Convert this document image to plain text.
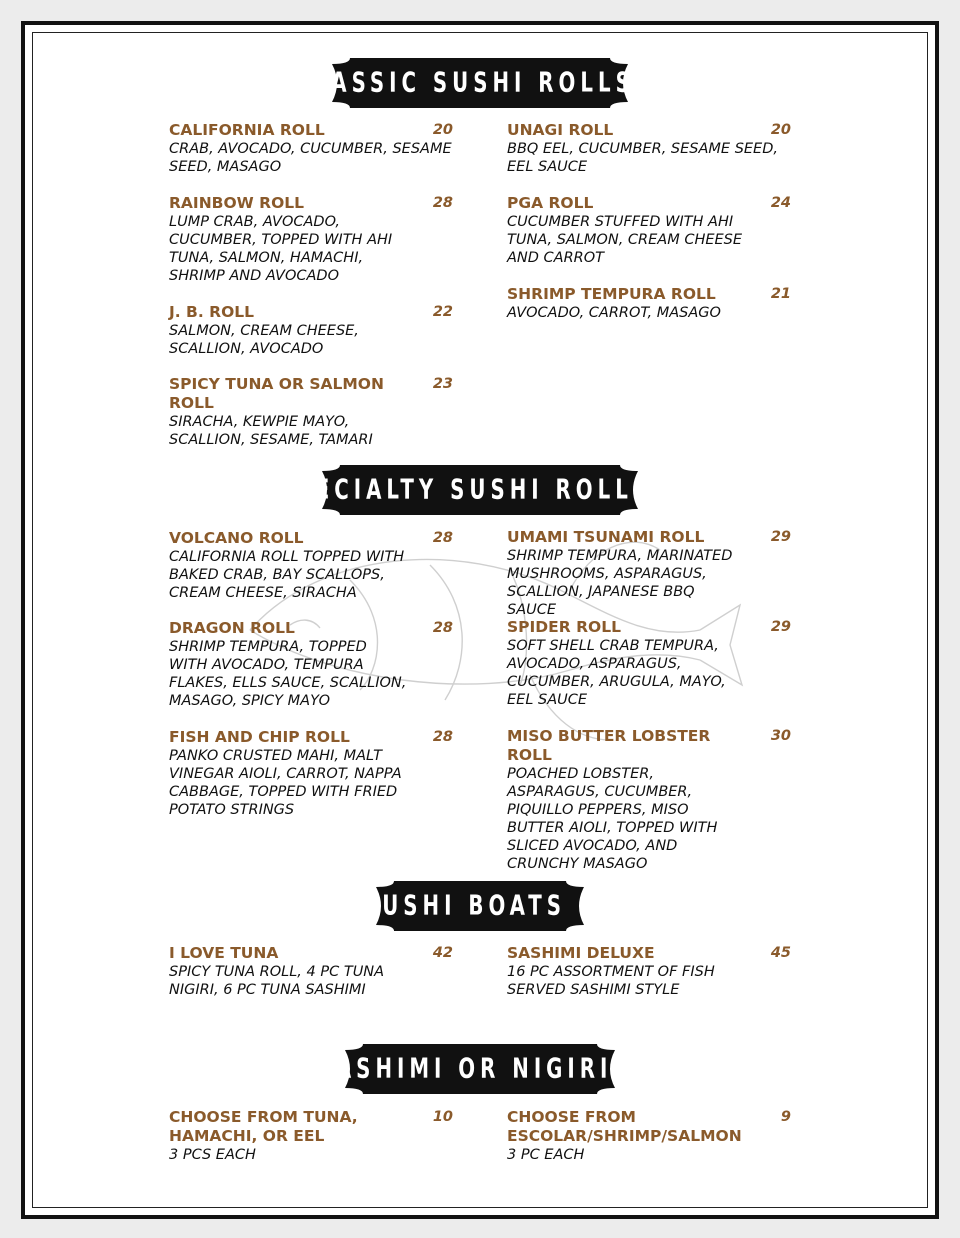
CLASSIC SUSHI ROLLS *
SPECIALTY SUSHI ROLLS *
SUSHI BOATS *
SASHIMI OR NIGIRI *
CALIFORNIA ROLL
CRAB, AVOCADO, CUCUMBER, SESAME SEED, MASAGO
20	UNAGI ROLL
BBQ EEL, CUCUMBER, SESAME SEED, EEL SAUCE
20
RAINBOW ROLL
LUMP CRAB, AVOCADO, CUCUMBER, TOPPED WITH AHI TUNA, SALMON, HAMACHI, SHRIMP AND AVOCADO
28	PGA ROLL
CUCUMBER STUFFED WITH AHI TUNA, SALMON, CREAM CHEESE AND CARROT
24
J. B. ROLL
SALMON, CREAM CHEESE, SCALLION, AVOCADO
22
SHRIMP TEMPURA ROLL
AVOCADO, CARROT, MASAGO
21
SPICY TUNA OR SALMON ROLL
SIRACHA, KEWPIE MAYO, SCALLION, SESAME, TAMARI
23
VOLCANO ROLL
CALIFORNIA ROLL TOPPED WITH BAKED CRAB, BAY SCALLOPS, CREAM CHEESE, SIRACHA
28	UMAMI TSUNAMI ROLL
SHRIMP TEMPURA, MARINATED MUSHROOMS, ASPARAGUS, SCALLION, JAPANESE BBQ SAUCE
29
DRAGON ROLL
SHRIMP TEMPURA, TOPPED WITH AVOCADO, TEMPURA FLAKES, ELLS SAUCE, SCALLION, MASAGO, SPICY MAYO
28	SPIDER ROLL
SOFT SHELL CRAB TEMPURA, AVOCADO, ASPARAGUS, CUCUMBER, ARUGULA, MAYO, EEL SAUCE
29
FISH AND CHIP ROLL
PANKO CRUSTED MAHI, MALT VINEGAR AIOLI, CARROT, NAPPA CABBAGE, TOPPED WITH FRIED POTATO STRINGS
28	MISO BUTTER LOBSTER ROLL
POACHED LOBSTER, ASPARAGUS, CUCUMBER, PIQUILLO PEPPERS, MISO BUTTER AIOLI, TOPPED WITH SLICED AVOCADO, AND CRUNCHY MASAGO
30
I LOVE TUNA
SPICY TUNA ROLL, 4 PC TUNA NIGIRI, 6 PC TUNA SASHIMI
42	SASHIMI DELUXE
16 PC ASSORTMENT OF FISH SERVED SASHIMI STYLE
45
CHOOSE FROM TUNA, HAMACHI, OR EEL
3 PCS EACH
10	CHOOSE FROM ESCOLAR/SHRIMP/SALMON
3 PC EACH
9
